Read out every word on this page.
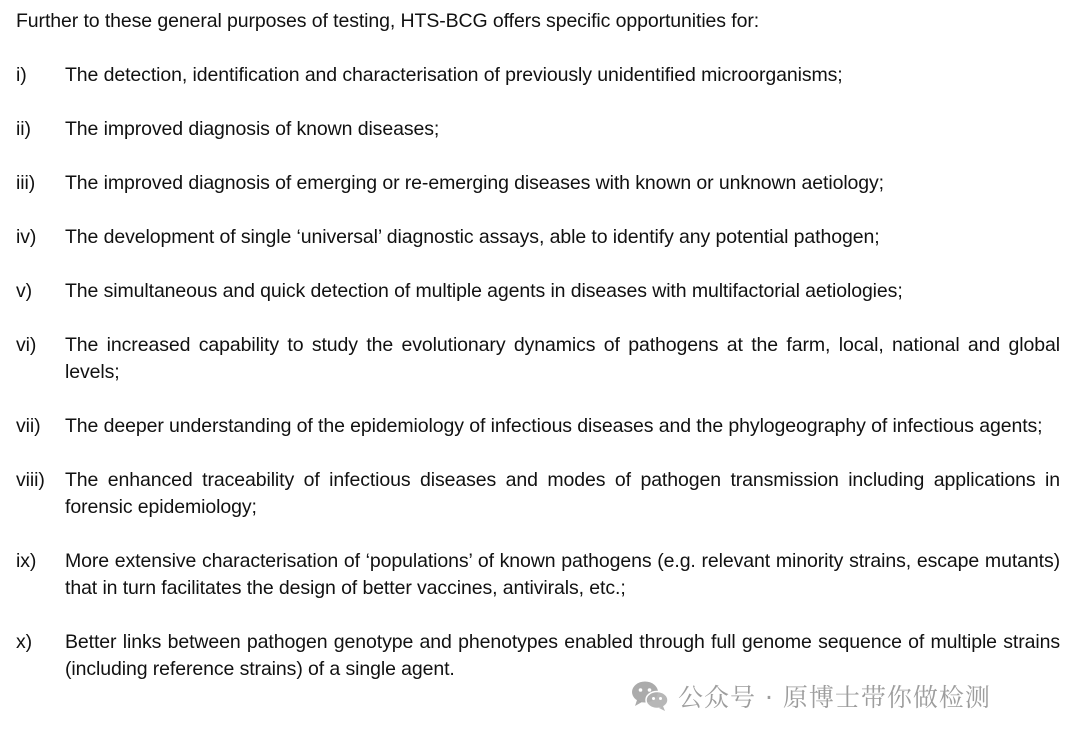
Further to these general purposes of testing, HTS-BCG offers specific opportunities for:

i)	The detection, identification and characterisation of previously unidentified microorganisms;
ii)	The improved diagnosis of known diseases;
iii)	The improved diagnosis of emerging or re-emerging diseases with known or unknown aetiology;
iv)	The development of single ‘universal’ diagnostic assays, able to identify any potential pathogen;
v)	The simultaneous and quick detection of multiple agents in diseases with multifactorial aetiologies;
vi)	The increased capability to study the evolutionary dynamics of pathogens at the farm, local, national and global levels;
vii)	The deeper understanding of the epidemiology of infectious diseases and the phylogeography of infectious agents;
viii)	The enhanced traceability of infectious diseases and modes of pathogen transmission including applications in forensic epidemiology;
ix)	More extensive characterisation of ‘populations’ of known pathogens (e.g. relevant minority strains, escape mutants) that in turn facilitates the design of better vaccines, antivirals, etc.;
x)	Better links between pathogen genotype and phenotypes enabled through full genome sequence of multiple strains (including reference strains) of a single agent.
公众号 · 原博士带你做检测
